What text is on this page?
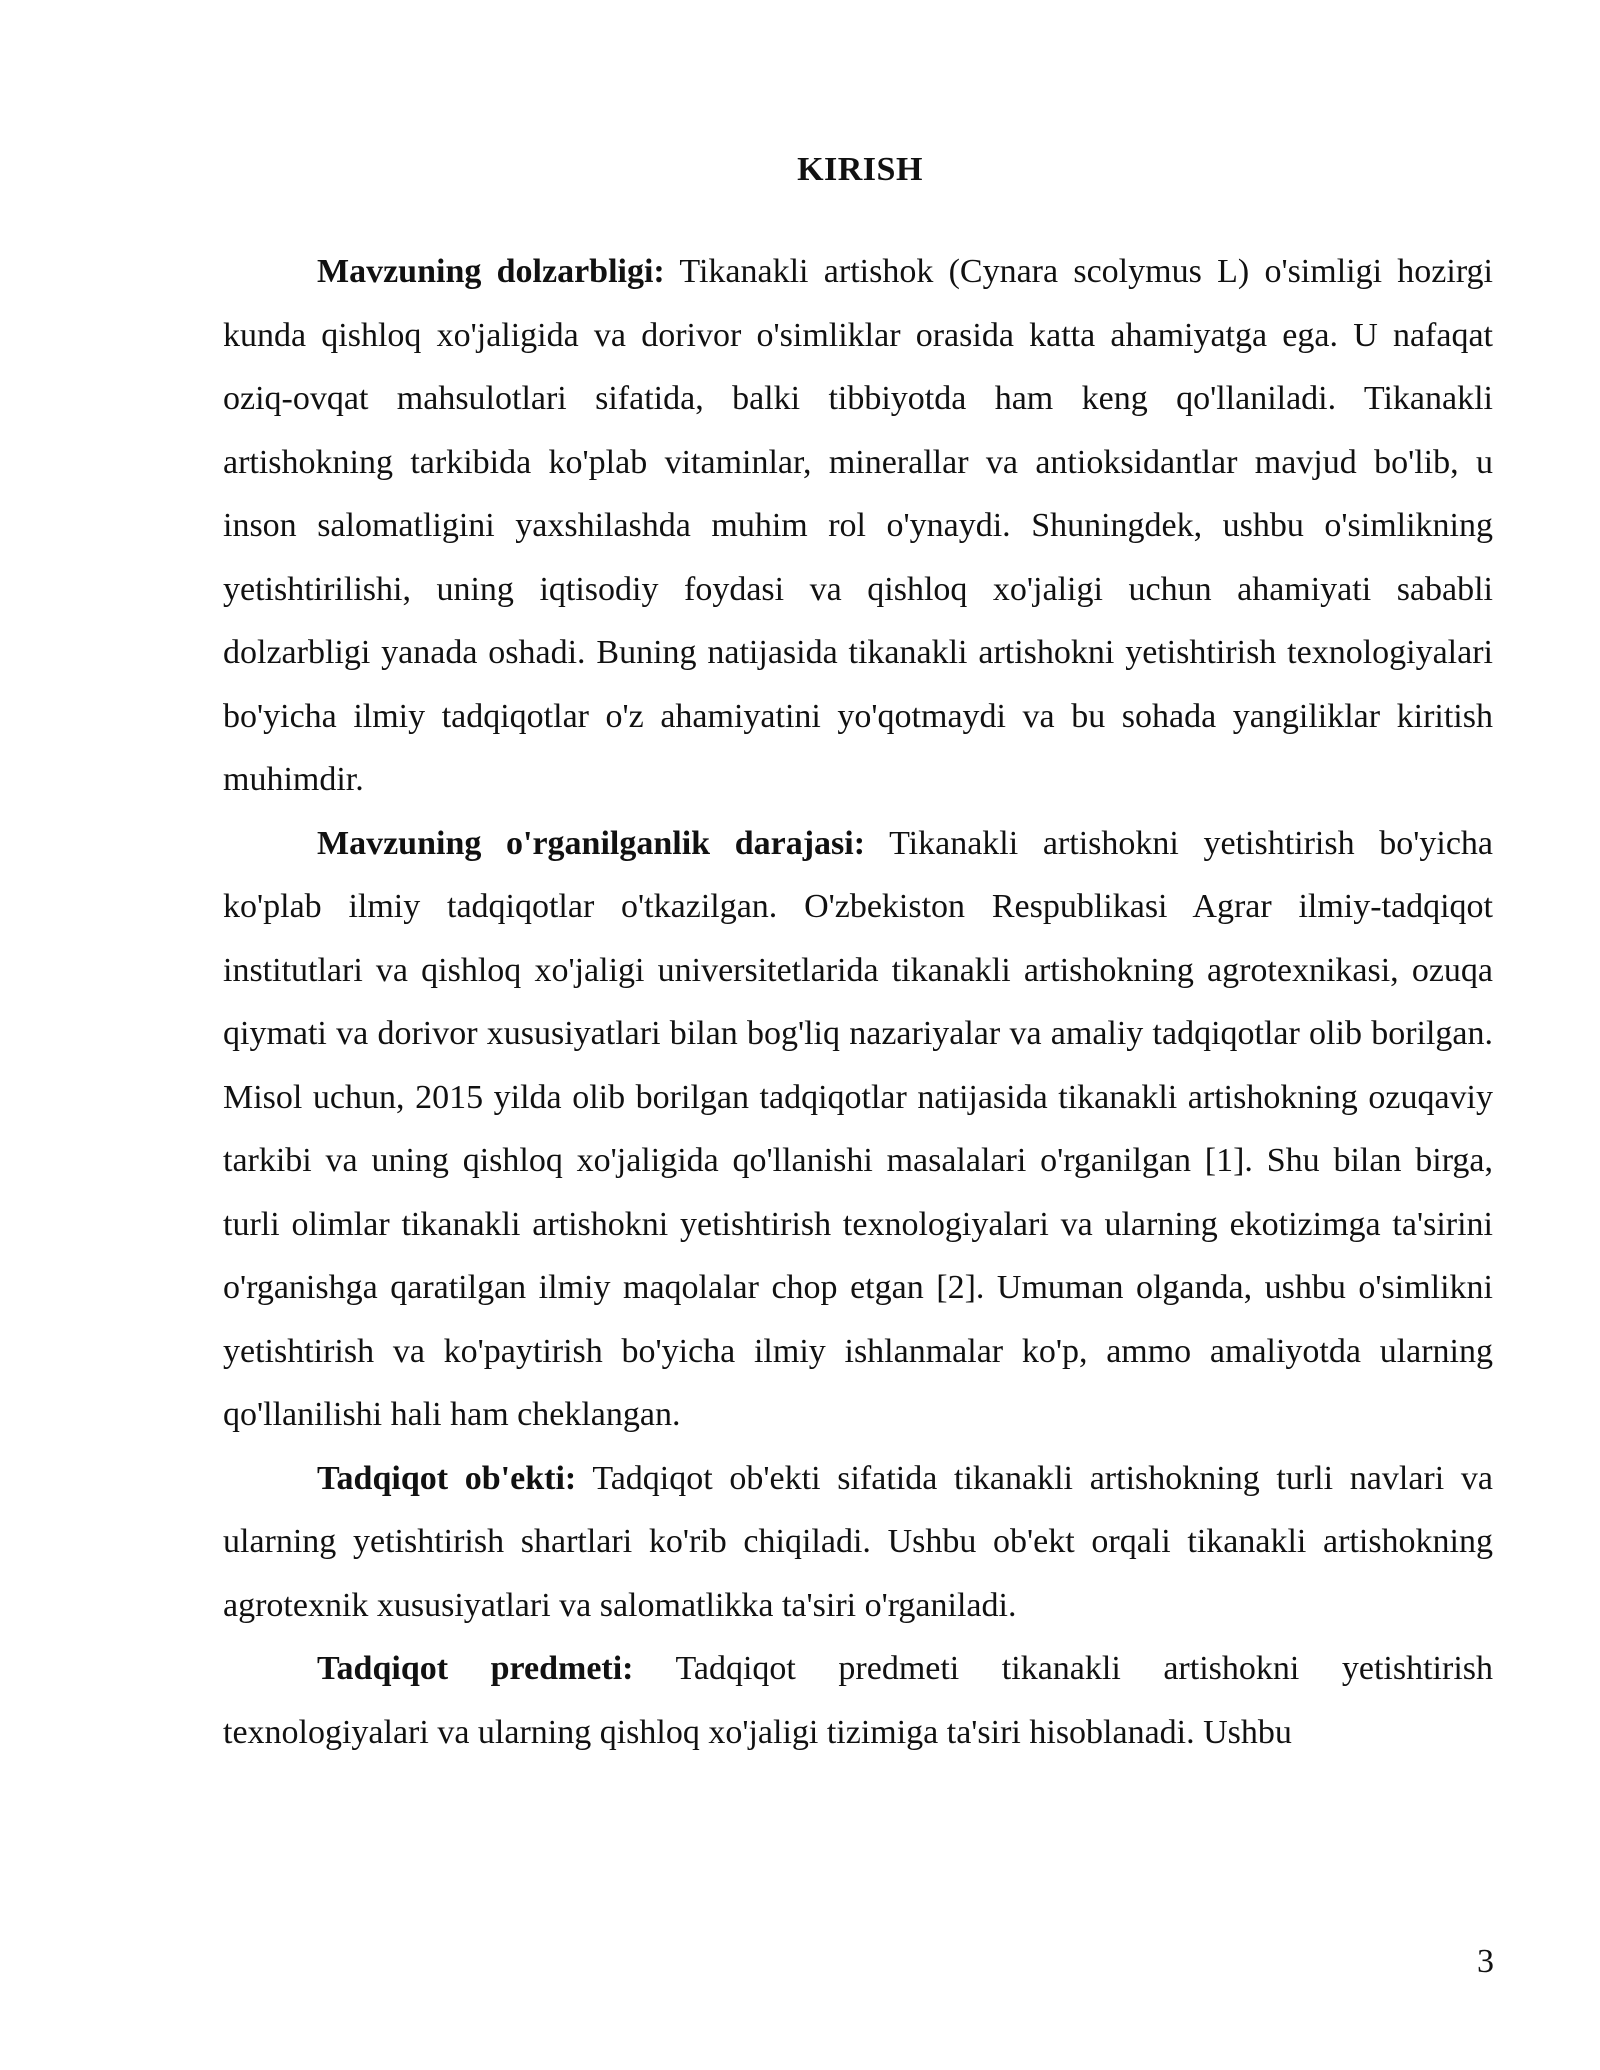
KIRISH

Mavzuning dolzarbligi: Tikanakli artishok (Cynara scolymus L) o'simligi hozirgi kunda qishloq xo'jaligida va dorivor o'simliklar orasida katta ahamiyatga ega. U nafaqat oziq-ovqat mahsulotlari sifatida, balki tibbiyotda ham keng qo'llaniladi. Tikanakli artishokning tarkibida ko'plab vitaminlar, minerallar va antioksidantlar mavjud bo'lib, u inson salomatligini yaxshilashda muhim rol o'ynaydi. Shuningdek, ushbu o'simlikning yetishtirilishi, uning iqtisodiy foydasi va qishloq xo'jaligi uchun ahamiyati sababli dolzarbligi yanada oshadi. Buning natijasida tikanakli artishokni yetishtirish texnologiyalari bo'yicha ilmiy tadqiqotlar o'z ahamiyatini yo'qotmaydi va bu sohada yangiliklar kiritish muhimdir.

Mavzuning o'rganilganlik darajasi: Tikanakli artishokni yetishtirish bo'yicha ko'plab ilmiy tadqiqotlar o'tkazilgan. O'zbekiston Respublikasi Agrar ilmiy-tadqiqot institutlari va qishloq xo'jaligi universitetlarida tikanakli artishokning agrotexnikasi, ozuqa qiymati va dorivor xususiyatlari bilan bog'liq nazariyalar va amaliy tadqiqotlar olib borilgan. Misol uchun, 2015 yilda olib borilgan tadqiqotlar natijasida tikanakli artishokning ozuqaviy tarkibi va uning qishloq xo'jaligida qo'llanishi masalalari o'rganilgan [1]. Shu bilan birga, turli olimlar tikanakli artishokni yetishtirish texnologiyalari va ularning ekotizimga ta'sirini o'rganishga qaratilgan ilmiy maqolalar chop etgan [2]. Umuman olganda, ushbu o'simlikni yetishtirish va ko'paytirish bo'yicha ilmiy ishlanmalar ko'p, ammo amaliyotda ularning qo'llanilishi hali ham cheklangan.

Tadqiqot ob'ekti: Tadqiqot ob'ekti sifatida tikanakli artishokning turli navlari va ularning yetishtirish shartlari ko'rib chiqiladi. Ushbu ob'ekt orqali tikanakli artishokning agrotexnik xususiyatlari va salomatlikka ta'siri o'rganiladi.

Tadqiqot predmeti: Tadqiqot predmeti tikanakli artishokni yetishtirish texnologiyalari va ularning qishloq xo'jaligi tizimiga ta'siri hisoblanadi. Ushbu

3
